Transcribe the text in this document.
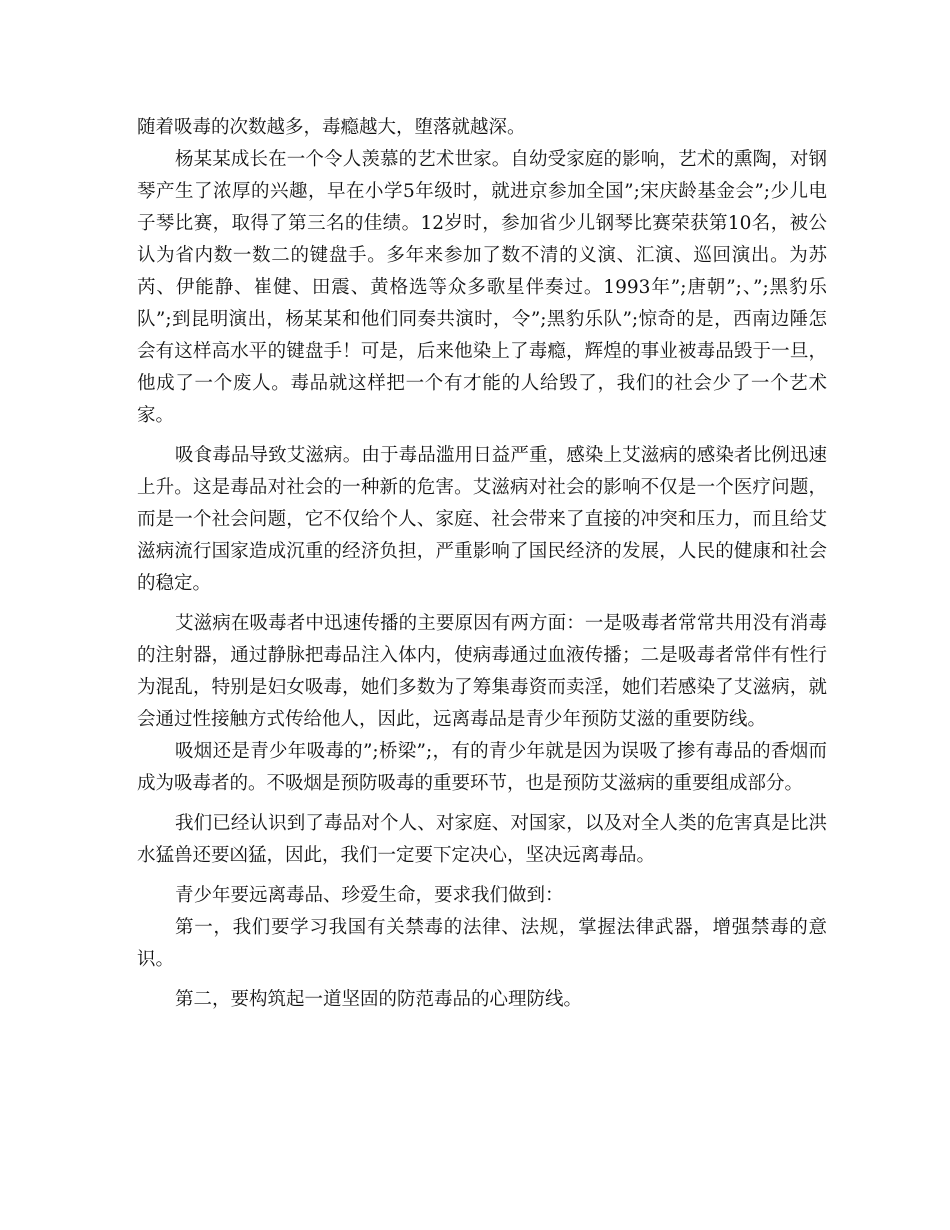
随着吸毒的次数越多，毒瘾越大，堕落就越深。

杨某某成长在一个令人羡慕的艺术世家。自幼受家庭的影响，艺术的熏陶，对钢琴产生了浓厚的兴趣，早在小学5年级时，就进京参加全国”;宋庆龄基金会”;少儿电子琴比赛，取得了第三名的佳绩。12岁时，参加省少儿钢琴比赛荣获第10名，被公认为省内数一数二的键盘手。多年来参加了数不清的义演、汇演、巡回演出。为苏芮、伊能静、崔健、田震、黄格选等众多歌星伴奏过。1993年”;唐朝”;、”;黑豹乐队”;到昆明演出，杨某某和他们同奏共演时，令”;黑豹乐队”;惊奇的是，西南边陲怎会有这样高水平的键盘手！可是，后来他染上了毒瘾，辉煌的事业被毒品毁于一旦，他成了一个废人。毒品就这样把一个有才能的人给毁了，我们的社会少了一个艺术家。

吸食毒品导致艾滋病。由于毒品滥用日益严重，感染上艾滋病的感染者比例迅速上升。这是毒品对社会的一种新的危害。艾滋病对社会的影响不仅是一个医疗问题，而是一个社会问题，它不仅给个人、家庭、社会带来了直接的冲突和压力，而且给艾滋病流行国家造成沉重的经济负担，严重影响了国民经济的发展，人民的健康和社会的稳定。

艾滋病在吸毒者中迅速传播的主要原因有两方面：一是吸毒者常常共用没有消毒的注射器，通过静脉把毒品注入体内，使病毒通过血液传播；二是吸毒者常伴有性行为混乱，特别是妇女吸毒，她们多数为了筹集毒资而卖淫，她们若感染了艾滋病，就会通过性接触方式传给他人，因此，远离毒品是青少年预防艾滋的重要防线。

吸烟还是青少年吸毒的”;桥梁”;，有的青少年就是因为误吸了掺有毒品的香烟而成为吸毒者的。不吸烟是预防吸毒的重要环节，也是预防艾滋病的重要组成部分。

我们已经认识到了毒品对个人、对家庭、对国家，以及对全人类的危害真是比洪水猛兽还要凶猛，因此，我们一定要下定决心，坚决远离毒品。

青少年要远离毒品、珍爱生命，要求我们做到：

第一，我们要学习我国有关禁毒的法律、法规，掌握法律武器，增强禁毒的意识。

第二，要构筑起一道坚固的防范毒品的心理防线。
